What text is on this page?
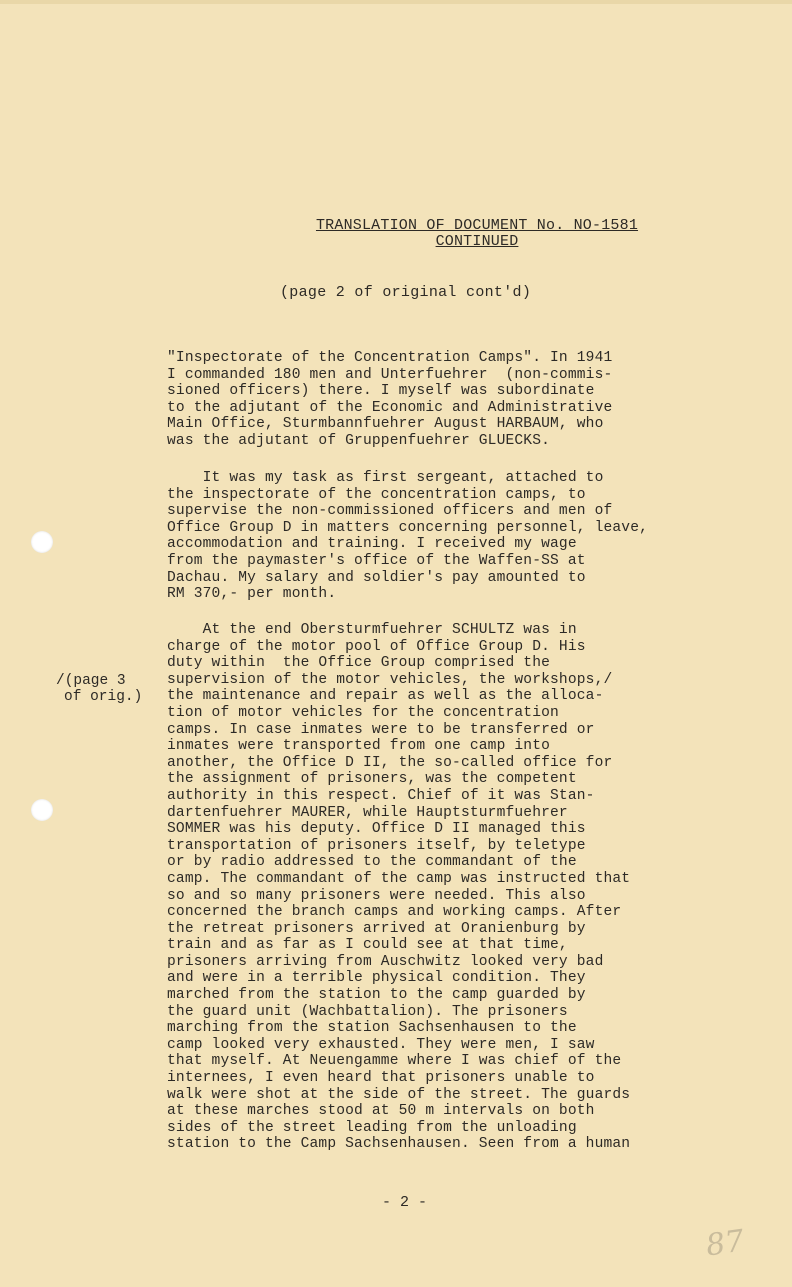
TRANSLATION OF DOCUMENT No. NO-1581
CONTINUED
(page 2 of original cont'd)
/(page 3
of orig.)
"Inspectorate of the Concentration Camps". In 1941
I commanded 180 men and Unterfuehrer  (non-commis-
sioned officers) there. I myself was subordinate
to the adjutant of the Economic and Administrative
Main Office, Sturmbannfuehrer August HARBAUM, who
was the adjutant of Gruppenfuehrer GLUECKS.
It was my task as first sergeant, attached to
the inspectorate of the concentration camps, to
supervise the non-commissioned officers and men of
Office Group D in matters concerning personnel, leave,
accommodation and training. I received my wage
from the paymaster's office of the Waffen-SS at
Dachau. My salary and soldier's pay amounted to
RM 370,- per month.
At the end Obersturmfuehrer SCHULTZ was in
charge of the motor pool of Office Group D. His
duty within  the Office Group comprised the
supervision of the motor vehicles, the workshops,/
the maintenance and repair as well as the alloca-
tion of motor vehicles for the concentration
camps. In case inmates were to be transferred or
inmates were transported from one camp into
another, the Office D II, the so-called office for
the assignment of prisoners, was the competent
authority in this respect. Chief of it was Stan-
dartenfuehrer MAURER, while Hauptsturmfuehrer
SOMMER was his deputy. Office D II managed this
transportation of prisoners itself, by teletype
or by radio addressed to the commandant of the
camp. The commandant of the camp was instructed that
so and so many prisoners were needed. This also
concerned the branch camps and working camps. After
the retreat prisoners arrived at Oranienburg by
train and as far as I could see at that time,
prisoners arriving from Auschwitz looked very bad
and were in a terrible physical condition. They
marched from the station to the camp guarded by
the guard unit (Wachbattalion). The prisoners
marching from the station Sachsenhausen to the
camp looked very exhausted. They were men, I saw
that myself. At Neuengamme where I was chief of the
internees, I even heard that prisoners unable to
walk were shot at the side of the street. The guards
at these marches stood at 50 m intervals on both
sides of the street leading from the unloading
station to the Camp Sachsenhausen. Seen from a human
- 2 -
87
